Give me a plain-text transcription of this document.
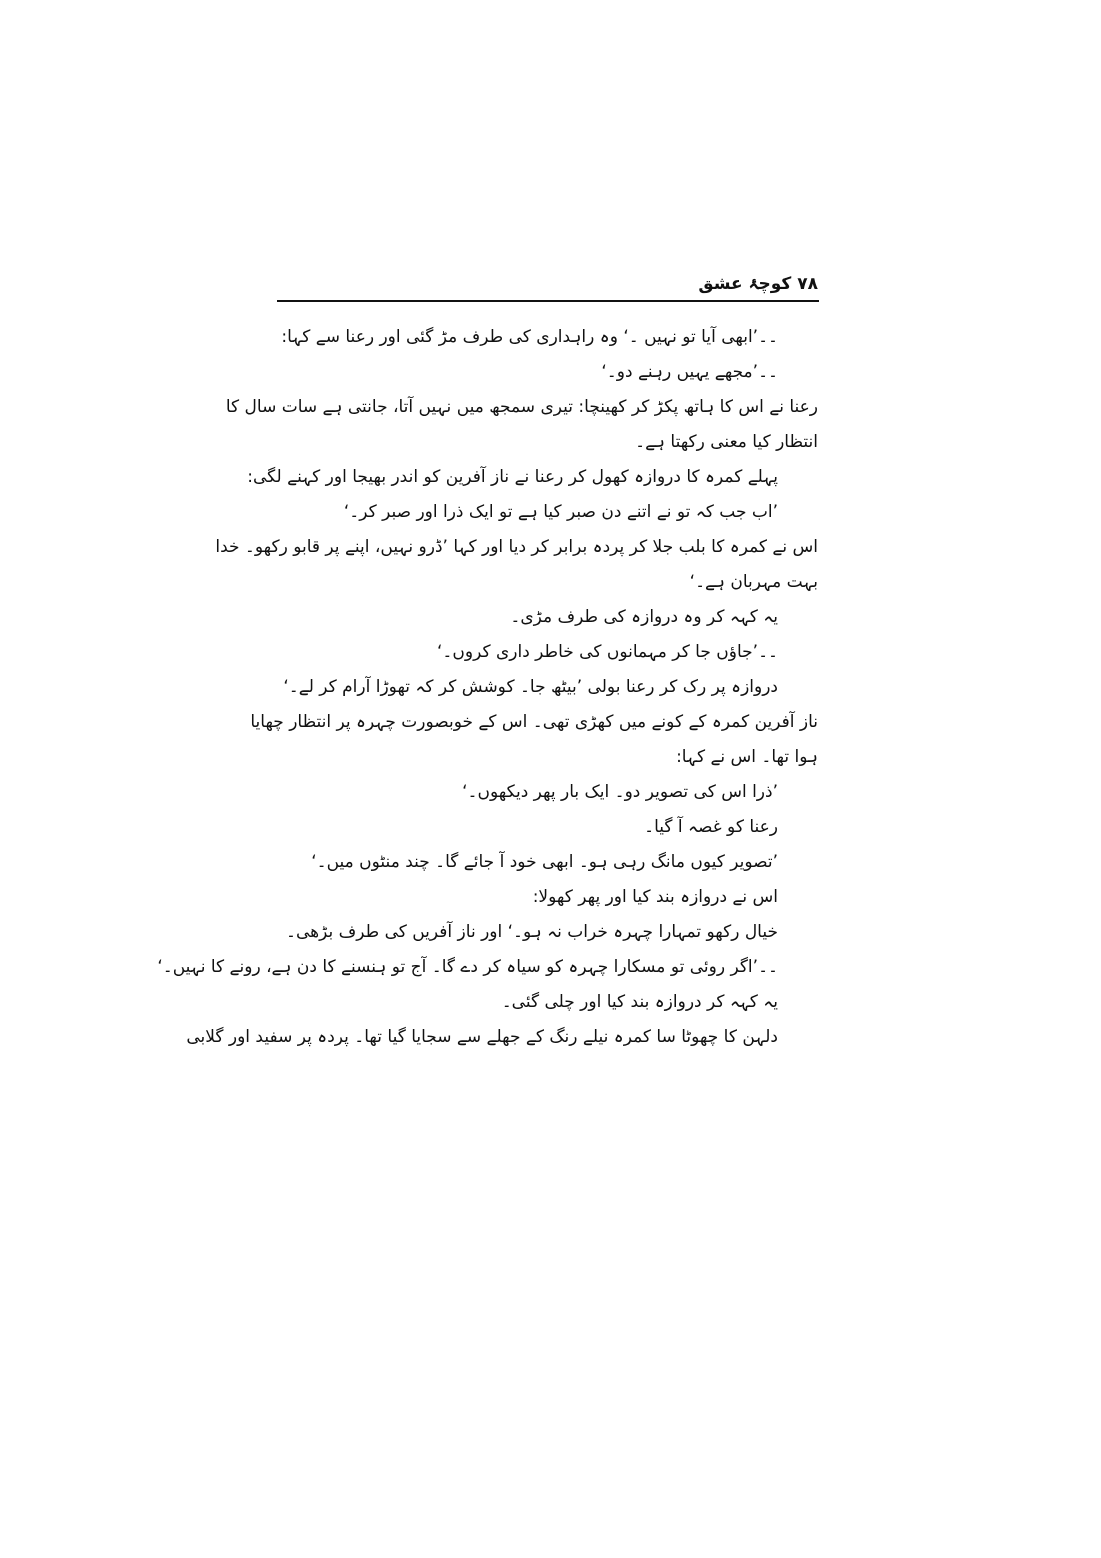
۷۸ کوچۂ عشق
۔۔’ابھی آیا تو نہیں ۔‘ وہ راہداری کی طرف مڑ گئی اور رعنا سے کہا:
۔۔’مجھے یہیں رہنے دو۔‘
رعنا نے اس کا ہاتھ پکڑ کر کھینچا: تیری سمجھ میں نہیں آتا، جانتی ہے سات سال کا
انتظار کیا معنی رکھتا ہے۔
پہلے کمرہ کا دروازہ کھول کر رعنا نے ناز آفرین کو اندر بھیجا اور کہنے لگی:
’اب جب کہ تو نے اتنے دن صبر کیا ہے تو ایک ذرا اور صبر کر۔‘
اس نے کمرہ کا بلب جلا کر پردہ برابر کر دیا اور کہا ’ڈرو نہیں، اپنے پر قابو رکھو۔ خدا
بہت مہربان ہے۔‘
یہ کہہ کر وہ دروازہ کی طرف مڑی۔
۔۔’جاؤں جا کر مہمانوں کی خاطر داری کروں۔‘
دروازہ پر رک کر رعنا بولی ’بیٹھ جا۔ کوشش کر کہ تھوڑا آرام کر لے۔‘
ناز آفرین کمرہ کے کونے میں کھڑی تھی۔ اس کے خوبصورت چہرہ پر انتظار چھایا
ہوا تھا۔ اس نے کہا:
’ذرا اس کی تصویر دو۔ ایک بار پھر دیکھوں۔‘
رعنا کو غصہ آ گیا۔
’تصویر کیوں مانگ رہی ہو۔ ابھی خود آ جائے گا۔ چند منٹوں میں۔‘
اس نے دروازہ بند کیا اور پھر کھولا:
خیال رکھو تمہارا چہرہ خراب نہ ہو۔‘ اور ناز آفریں کی طرف بڑھی۔
۔۔’اگر روئی تو مسکارا چہرہ کو سیاہ کر دے گا۔ آج تو ہنسنے کا دن ہے، رونے کا نہیں۔‘
یہ کہہ کر دروازہ بند کیا اور چلی گئی۔
دلہن کا چھوٹا سا کمرہ نیلے رنگ کے جھلے سے سجایا گیا تھا۔ پردہ پر سفید اور گلابی
